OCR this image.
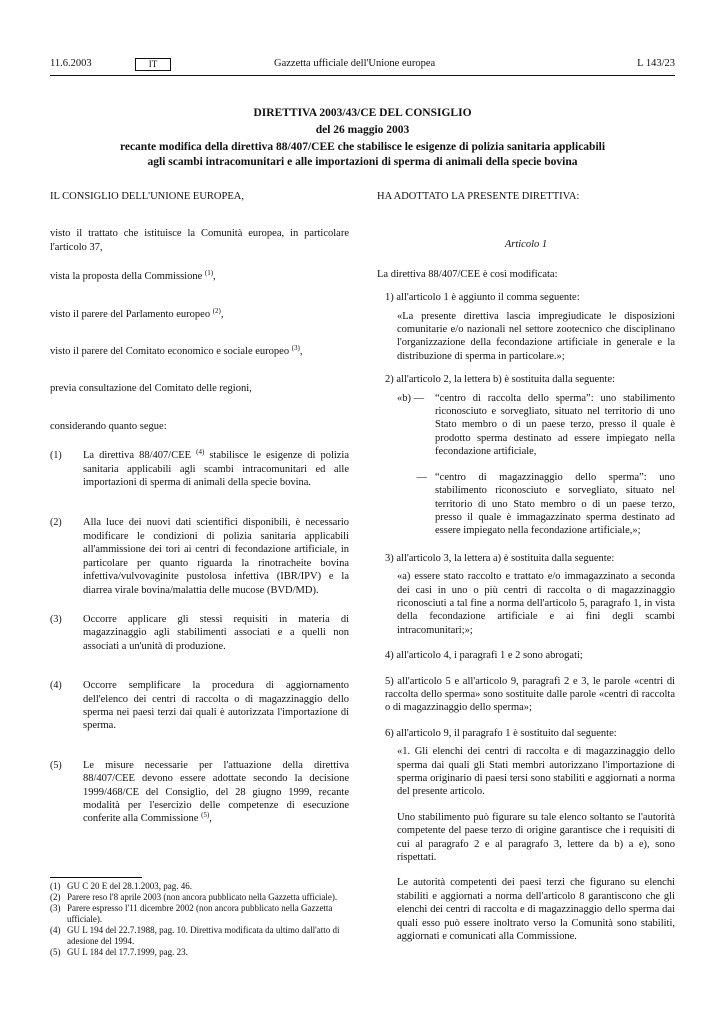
11.6.2003	IT	Gazzetta ufficiale dell'Unione europea	L 143/23
DIRETTIVA 2003/43/CE DEL CONSIGLIO
del 26 maggio 2003
recante modifica della direttiva 88/407/CEE che stabilisce le esigenze di polizia sanitaria applicabili
agli scambi intracomunitari e alle importazioni di sperma di animali della specie bovina

IL CONSIGLIO DELL'UNIONE EUROPEA,

visto il trattato che istituisce la Comunità europea, in particolare l'articolo 37,

vista la proposta della Commissione $^{(1)}$,

visto il parere del Parlamento europeo $^{(2)}$,

visto il parere del Comitato economico e sociale europeo $^{(3)}$,

previa consultazione del Comitato delle regioni,

considerando quanto segue:

(1)	La direttiva 88/407/CEE $^{(4)}$ stabilisce le esigenze di polizia sanitaria applicabili agli scambi intracomunitari ed alle importazioni di sperma di animali della specie bovina.
(2)	Alla luce dei nuovi dati scientifici disponibili, è necessario modificare le condizioni di polizia sanitaria applicabili all'ammissione dei tori ai centri di fecondazione artificiale, in particolare per quanto riguarda la rinotracheite bovina infettiva/vulvovaginite pustolosa infettiva (IBR/IPV) e la diarrea virale bovina/malattia delle mucose (BVD/MD).
(3)	Occorre applicare gli stessi requisiti in materia di magazzinaggio agli stabilimenti associati e a quelli non associati a un'unità di produzione.
(4)	Occorre semplificare la procedura di aggiornamento dell'elenco dei centri di raccolta o di magazzinaggio dello sperma nei paesi terzi dai quali è autorizzata l'importazione di sperma.
(5)	Le misure necessarie per l'attuazione della direttiva 88/407/CEE devono essere adottate secondo la decisione 1999/468/CE del Consiglio, del 28 giugno 1999, recante modalità per l'esercizio delle competenze di esecuzione conferite alla Commissione $^{(5)}$,
(1) GU C 20 E del 28.1.2003, pag. 46.
(2) Parere reso l'8 aprile 2003 (non ancora pubblicato nella Gazzetta ufficiale).
(3) Parere espresso l'11 dicembre 2002 (non ancora pubblicato nella Gazzetta ufficiale).
(4) GU L 194 del 22.7.1988, pag. 10. Direttiva modificata da ultimo dall'atto di adesione del 1994.
(5) GU L 184 del 17.7.1999, pag. 23.

HA ADOTTATO LA PRESENTE DIRETTIVA:

Articolo 1

La direttiva 88/407/CEE è così modificata:

1) all'articolo 1 è aggiunto il comma seguente:

«La presente direttiva lascia impregiudicate le disposizioni comunitarie e/o nazionali nel settore zootecnico che disciplinano l'organizzazione della fecondazione artificiale in generale e la distribuzione di sperma in particolare.»;

2) all'articolo 2, la lettera b) è sostituita dalla seguente:

«b) —	“centro di raccolta dello sperma”: uno stabilimento riconosciuto e sorvegliato, situato nel territorio di uno Stato membro o di un paese terzo, presso il quale è prodotto sperma destinato ad essere impiegato nella fecondazione artificiale,
— “centro di magazzinaggio dello sperma”: uno stabilimento riconosciuto e sorvegliato, situato nel territorio di uno Stato membro o di un paese terzo, presso il quale è immagazzinato sperma destinato ad essere impiegato nella fecondazione artificiale,»;

3) all'articolo 3, la lettera a) è sostituita dalla seguente:

«a) essere stato raccolto e trattato e/o immagazzinato a seconda dei casi in uno o più centri di raccolta o di magazzinaggio riconosciuti a tal fine a norma dell'articolo 5, paragrafo 1, in vista della fecondazione artificiale e ai fini degli scambi intracomunitari;»;

4) all'articolo 4, i paragrafi 1 e 2 sono abrogati;

5) all'articolo 5 e all'articolo 9, paragrafi 2 e 3, le parole «centri di raccolta dello sperma» sono sostituite dalle parole «centri di raccolta o di magazzinaggio dello sperma»;

6) all'articolo 9, il paragrafo 1 è sostituito dal seguente:

«1. Gli elenchi dei centri di raccolta e di magazzinaggio dello sperma dai quali gli Stati membri autorizzano l'importazione di sperma originario di paesi tersi sono stabiliti e aggiornati a norma del presente articolo.

Uno stabilimento può figurare su tale elenco soltanto se l'autorità competente del paese terzo di origine garantisce che i requisiti di cui al paragrafo 2 e al paragrafo 3, lettere da b) a e), sono rispettati.

Le autorità competenti dei paesi terzi che figurano su elenchi stabiliti e aggiornati a norma dell'articolo 8 garantiscono che gli elenchi dei centri di raccolta e di magazzinaggio dello sperma dai quali esso può essere inoltrato verso la Comunità sono stabiliti, aggiornati e comunicati alla Commissione.
